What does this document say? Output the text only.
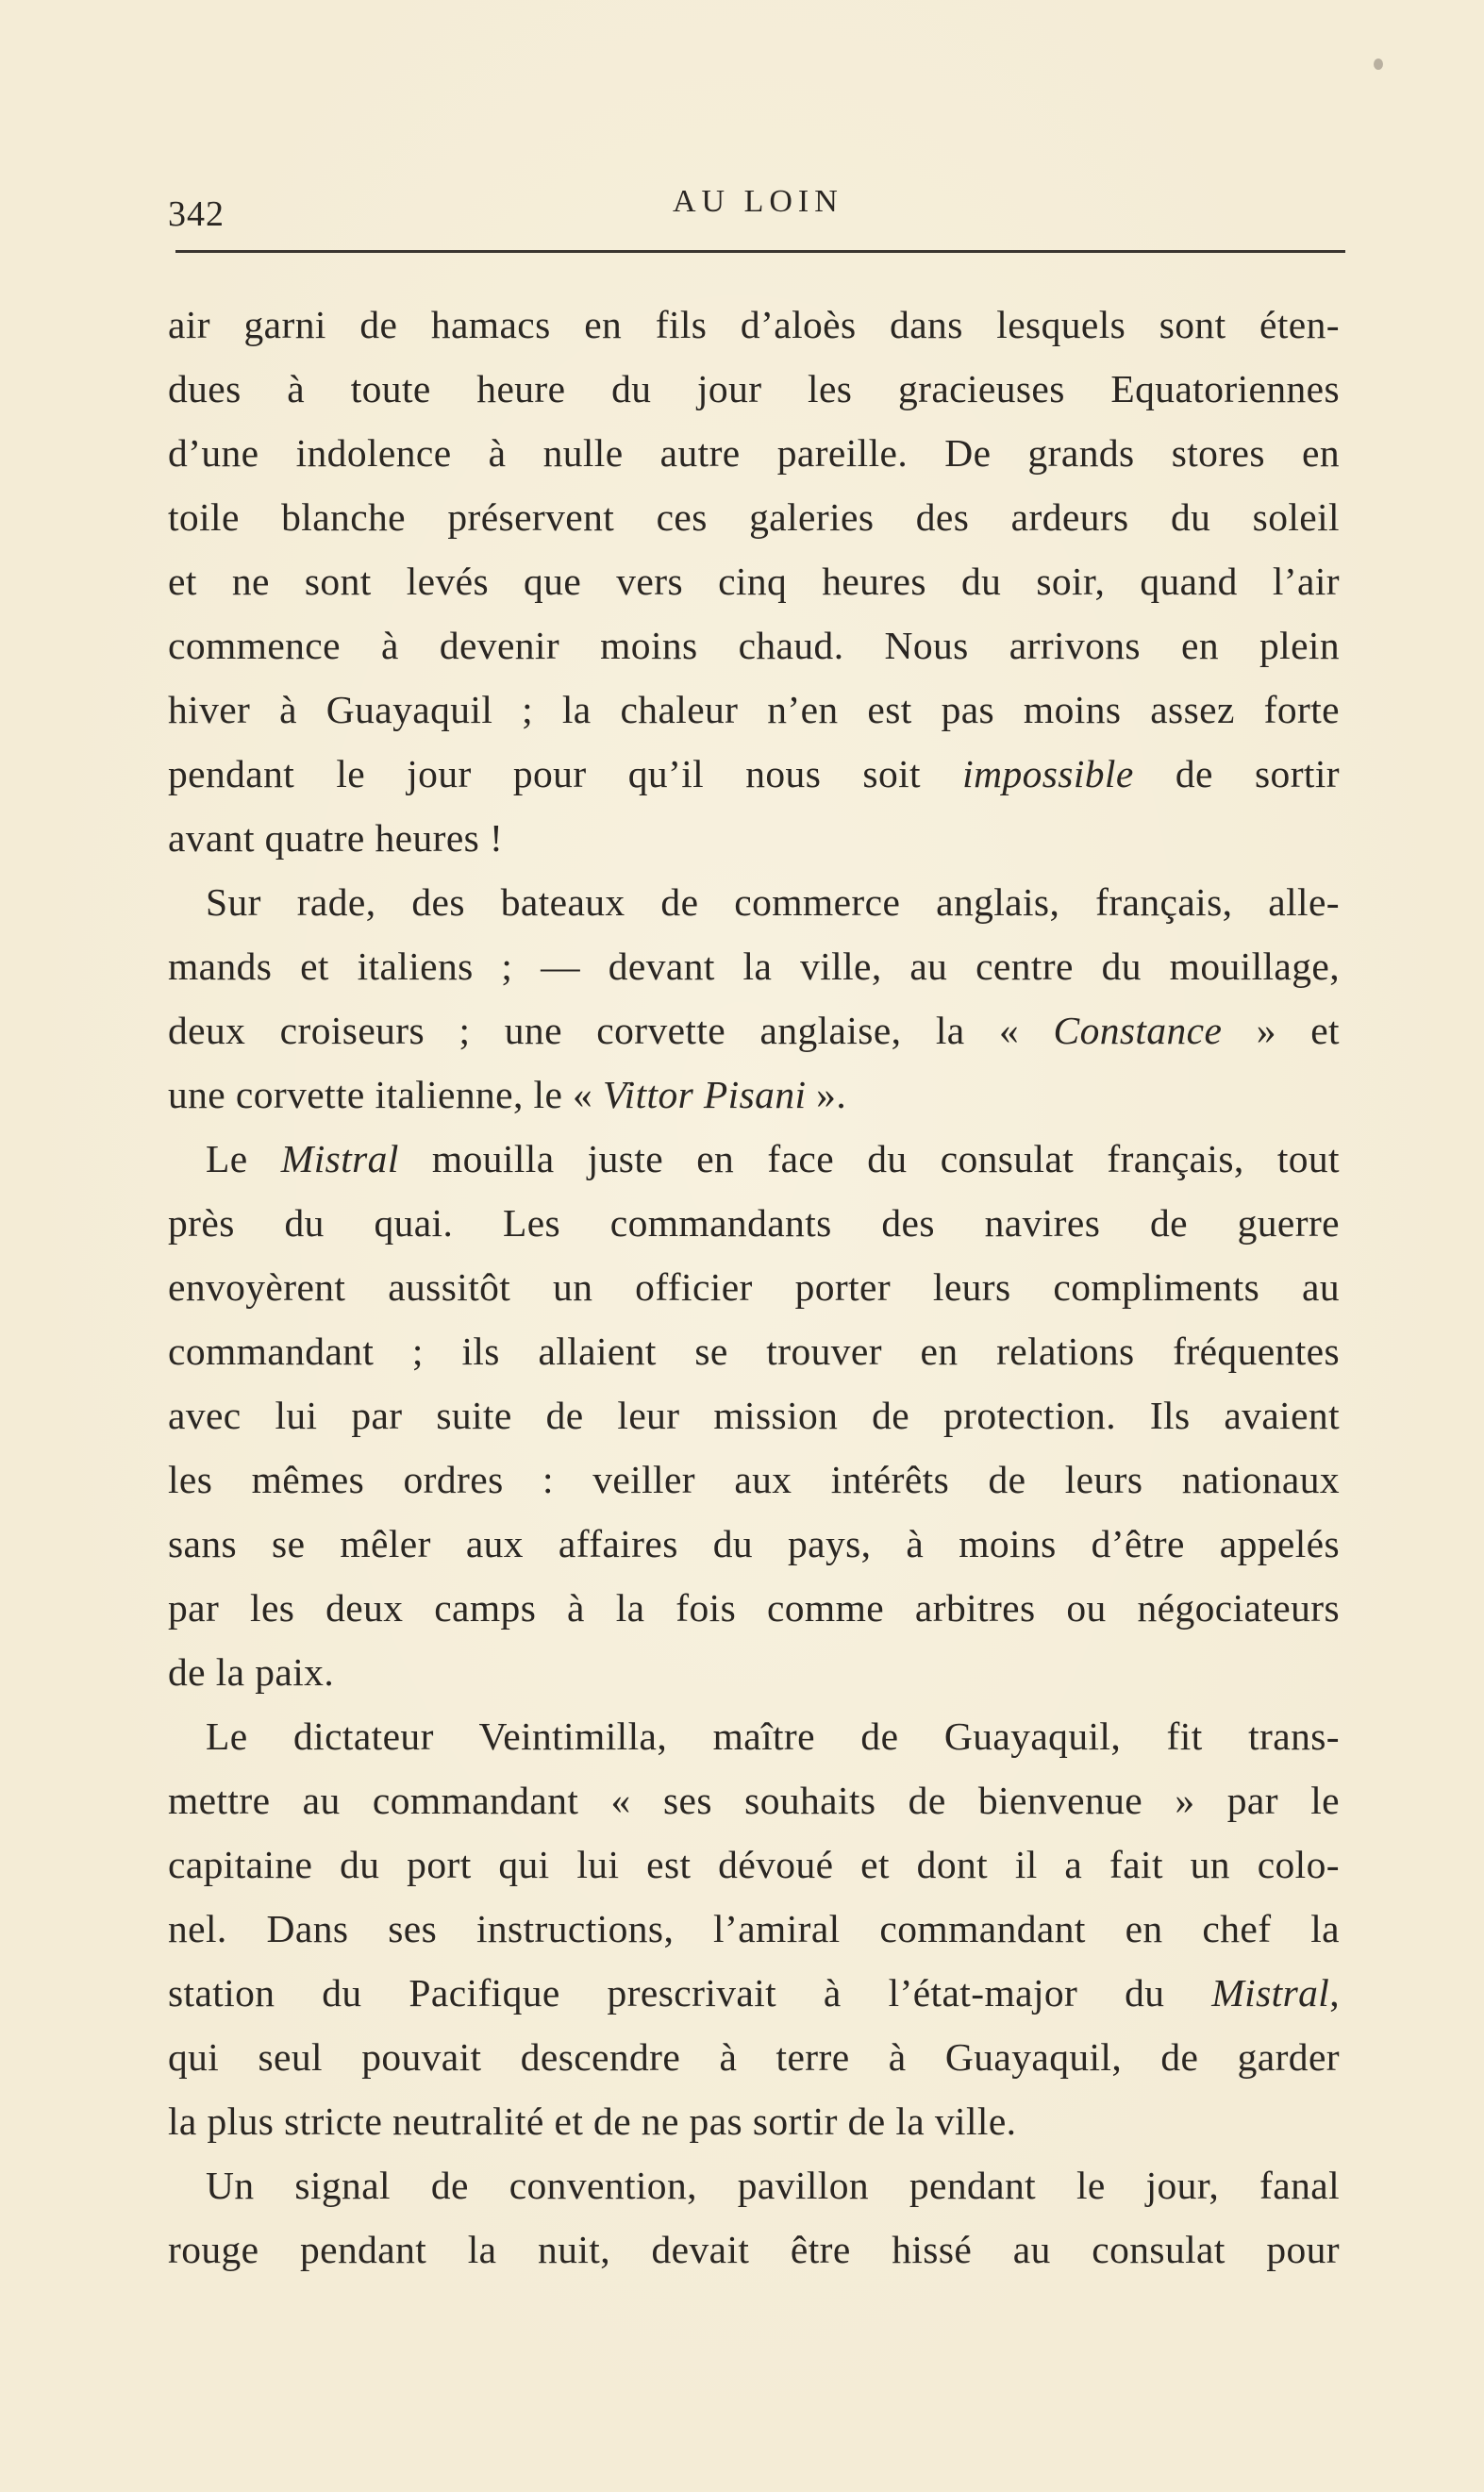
342	AU LOIN
air garni de hamacs en fils d’aloès dans lesquels sont éten-
dues à toute heure du jour les gracieuses Equatoriennes
d’une indolence à nulle autre pareille. De grands stores en
toile blanche préservent ces galeries des ardeurs du soleil
et ne sont levés que vers cinq heures du soir, quand l’air
commence à devenir moins chaud. Nous arrivons en plein
hiver à Guayaquil ; la chaleur n’en est pas moins assez forte
pendant le jour pour qu’il nous soit impossible de sortir
avant quatre heures !
Sur rade, des bateaux de commerce anglais, français, alle-
mands et italiens ; — devant la ville, au centre du mouillage,
deux croiseurs ; une corvette anglaise, la « Constance » et
une corvette italienne, le « Vittor Pisani ».
Le Mistral mouilla juste en face du consulat français, tout
près du quai. Les commandants des navires de guerre
envoyèrent aussitôt un officier porter leurs compliments au
commandant ; ils allaient se trouver en relations fréquentes
avec lui par suite de leur mission de protection. Ils avaient
les mêmes ordres : veiller aux intérêts de leurs nationaux
sans se mêler aux affaires du pays, à moins d’être appelés
par les deux camps à la fois comme arbitres ou négociateurs
de la paix.
Le dictateur Veintimilla, maître de Guayaquil, fit trans-
mettre au commandant « ses souhaits de bienvenue » par le
capitaine du port qui lui est dévoué et dont il a fait un colo-
nel. Dans ses instructions, l’amiral commandant en chef la
station du Pacifique prescrivait à l’état-major du Mistral,
qui seul pouvait descendre à terre à Guayaquil, de garder
la plus stricte neutralité et de ne pas sortir de la ville.
Un signal de convention, pavillon pendant le jour, fanal
rouge pendant la nuit, devait être hissé au consulat pour
